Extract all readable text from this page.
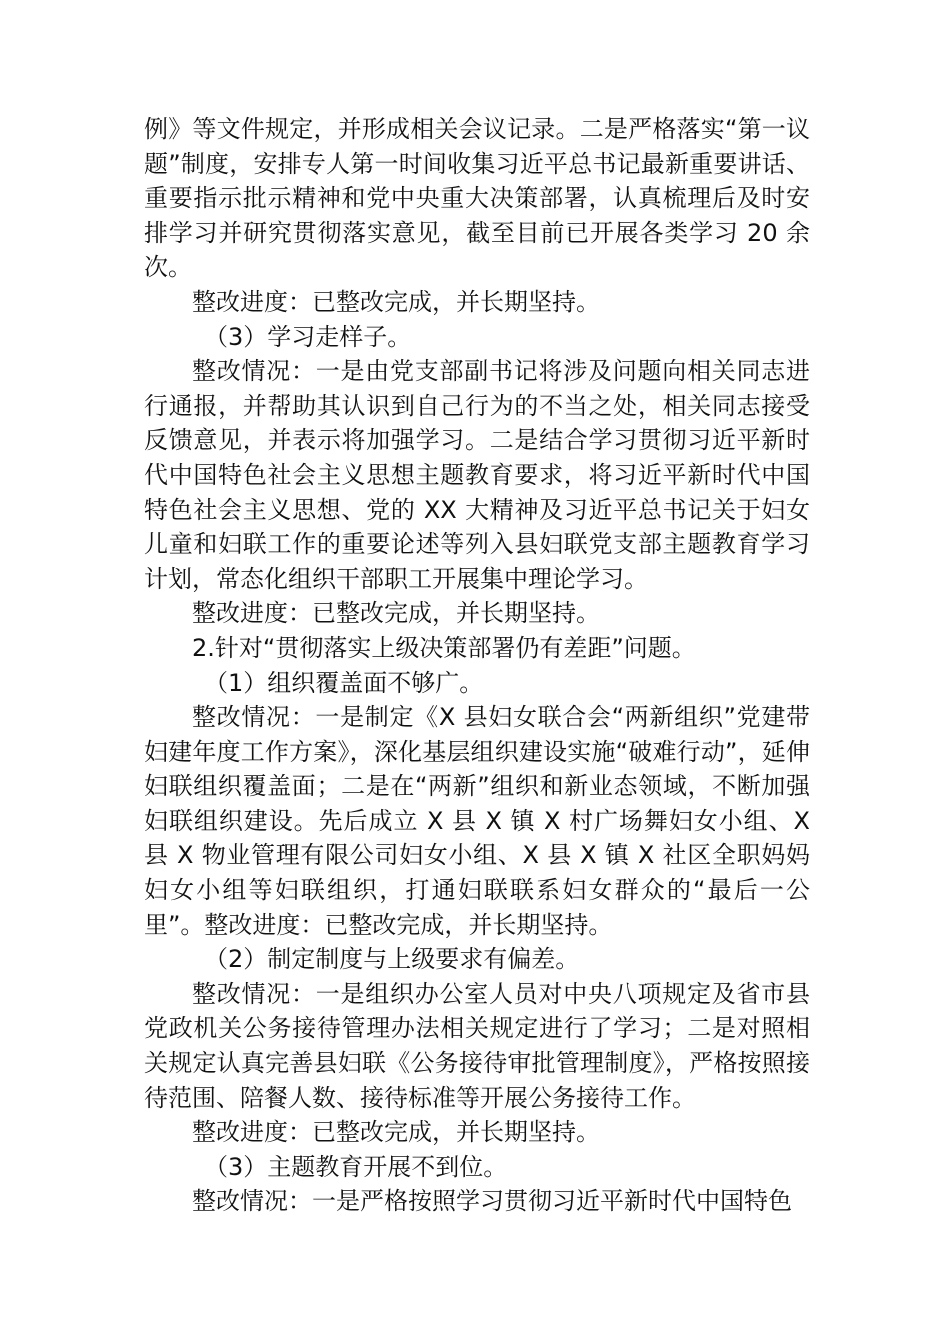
例》等文件规定，并形成相关会议记录。二是严格落实“第一议题”制度，安排专人第一时间收集习近平总书记最新重要讲话、重要指示批示精神和党中央重大决策部署，认真梳理后及时安排学习并研究贯彻落实意见，截至目前已开展各类学习 20 余次。

整改进度：已整改完成，并长期坚持。

（3）学习走样子。

整改情况：一是由党支部副书记将涉及问题向相关同志进行通报，并帮助其认识到自己行为的不当之处，相关同志接受反馈意见，并表示将加强学习。二是结合学习贯彻习近平新时代中国特色社会主义思想主题教育要求，将习近平新时代中国特色社会主义思想、党的 XX 大精神及习近平总书记关于妇女儿童和妇联工作的重要论述等列入县妇联党支部主题教育学习计划，常态化组织干部职工开展集中理论学习。

整改进度：已整改完成，并长期坚持。

2.针对“贯彻落实上级决策部署仍有差距”问题。

（1）组织覆盖面不够广。

整改情况：一是制定《X 县妇女联合会“两新组织”党建带妇建年度工作方案》，深化基层组织建设实施“破难行动”，延伸妇联组织覆盖面；二是在“两新”组织和新业态领域，不断加强妇联组织建设。先后成立 X 县 X 镇 X 村广场舞妇女小组、X 县 X 物业管理有限公司妇女小组、X 县 X 镇 X 社区全职妈妈妇女小组等妇联组织，打通妇联联系妇女群众的“最后一公里”。整改进度：已整改完成，并长期坚持。

（2）制定制度与上级要求有偏差。

整改情况：一是组织办公室人员对中央八项规定及省市县党政机关公务接待管理办法相关规定进行了学习；二是对照相关规定认真完善县妇联《公务接待审批管理制度》，严格按照接待范围、陪餐人数、接待标准等开展公务接待工作。

整改进度：已整改完成，并长期坚持。

（3）主题教育开展不到位。

整改情况：一是严格按照学习贯彻习近平新时代中国特色
